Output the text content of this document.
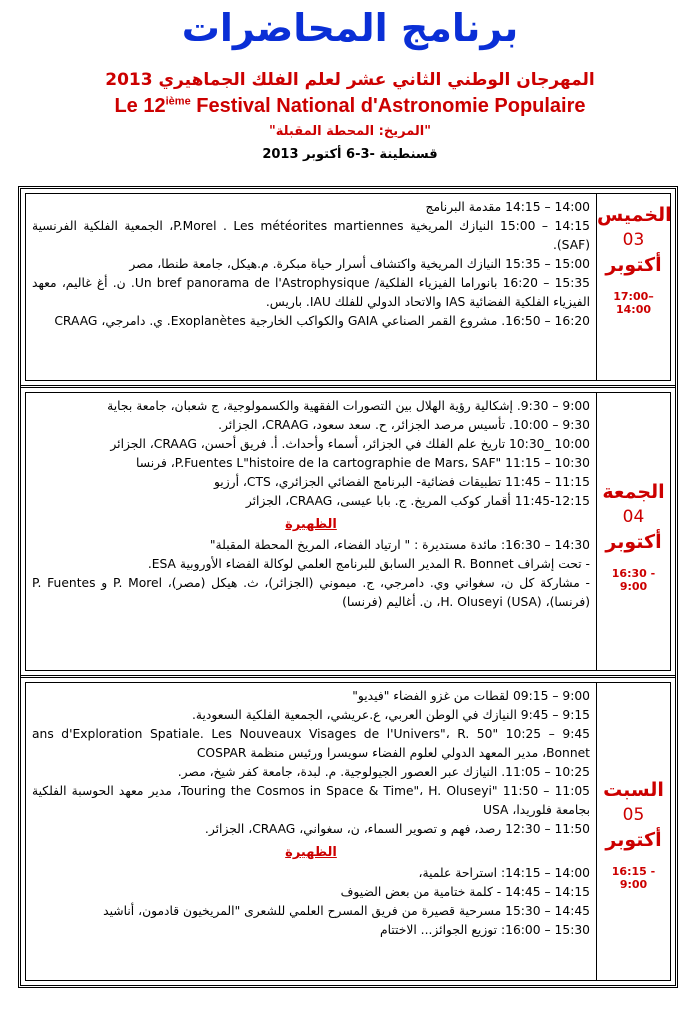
برنامج المحاضرات
المهرجان الوطني الثاني عشر لعلم الفلك الجماهيري 2013
Le 12ième Festival National d'Astronomie Populaire
"المريخ: المحطة المقبلة"
قسنطينة -3-6 أكتوبر 2013
14:00 – 14:15 مقدمة البرنامج
14:15 – 15:00 النيازك المريخية P.Morel . Les météorites martiennes، الجمعية الفلكية الفرنسية (SAF).
15:00 – 15:35 النيازك المريخية واكتشاف أسرار حياة مبكرة. م.هيكل، جامعة طنطا، مصر
15:35 – 16:20 بانوراما الفيزياء الفلكية/ Un bref panorama de l'Astrophysique. ن. أغ غاليم، معهد الفيزياء الفلكية الفضائية IAS والاتحاد الدولي للفلك IAU. باريس.
16:20 – 16:50. مشروع القمر الصناعي GAIA والكواكب الخارجية Exoplanètes. ي. دامرجي، CRAAG
الخميس
03
أكتوبر
17:00–14:00
9:00 – 9:30. إشكالية رؤية الهلال بين التصورات الفقهية والكسمولوجية، ج شعبان، جامعة بجاية
9:30 – 10:00. تأسيس مرصد الجزائر، ح. سعد سعود، CRAAG، الجزائر.
10:00 _10:30 تاريخ علم الفلك في الجزائر، أسماء وأحداث. أ. فريق أحسن، CRAAG، الجزائر
10:30 – 11:15 "P.Fuentes L"histoire de la cartographie de Mars، SAF، فرنسا
11:15 – 11:45 تطبيقات فضائية- البرنامج الفضائي الجزائري، CTS، أرزيو
11:45-12:15 أقمار كوكب المريخ. ج. بابا عيسى، CRAAG، الجزائر
الظهيرة
14:30 – 16:30: مائدة مستديرة : " ارتياد الفضاء، المريخ المحطة المقبلة"
- تحت إشراف R. Bonnet المدير السابق للبرنامج العلمي لوكالة الفضاء الأوروبية ESA.
- مشاركة كل ن، سغواني وي. دامرجي، ج. ميموني (الجزائر)، ث. هيكل (مصر)، P. Morel و P. Fuentes (فرنسا)، H. Oluseyi (USA)، ن. أغاليم (فرنسا)
الجمعة
04
أكتوبر
16:30 - 9:00
9:00 – 09:15 لقطات من غزو الفضاء "فيديو"
9:15 – 9:45 النيازك في الوطن العربي، ع.عريشي، الجمعية الفلكية السعودية.
9:45 – 10:25 "50 ans d'Exploration Spatiale. Les Nouveaux Visages de l'Univers"، R. Bonnet، مدير المعهد الدولي لعلوم الفضاء سويسرا ورئيس منظمة COSPAR
10:25 – 11:05. النيازك عبر العصور الجيولوجية. م. لبدة، جامعة كفر شيخ، مصر.
11:05 – 11:50 "Touring the Cosmos in Space & Time"، H. Oluseyi، مدير معهد الحوسبة الفلكية بجامعة فلوريدا، USA
11:50 – 12:30 رصد، فهم و تصوير السماء، ن، سغواني، CRAAG، الجزائر.
الظهيرة
14:00 – 14:15: استراحة علمية،
14:15 – 14:45 - كلمة ختامية من بعض الضيوف
14:45 – 15:30 مسرحية قصيرة من فريق المسرح العلمي للشعرى "المريخيون قادمون، أناشيد
15:30 – 16:00: توزيع الجوائز... الاختتام
السبت
05
أكتوبر
16:15 - 9:00
